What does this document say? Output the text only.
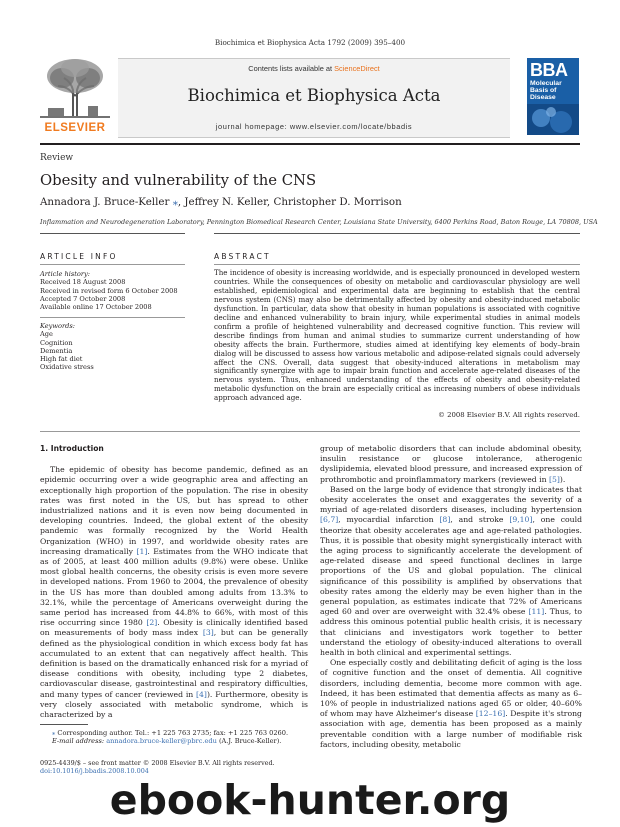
Biochimica et Biophysica Acta 1792 (2009) 395–400
ELSEVIER
Contents lists available at ScienceDirect
Biochimica et Biophysica Acta
journal homepage: www.elsevier.com/locate/bbadis
BBA
Molecular Basis of Disease
Review
Obesity and vulnerability of the CNS
Annadora J. Bruce-Keller ⁎, Jeffrey N. Keller, Christopher D. Morrison
Inflammation and Neurodegeneration Laboratory, Pennington Biomedical Research Center, Louisiana State University, 6400 Perkins Road, Baton Rouge, LA 70808, USA
ARTICLE INFO	ABSTRACT
Article history:
Received 18 August 2008
Received in revised form 6 October 2008
Accepted 7 October 2008
Available online 17 October 2008
Keywords:
Age
Cognition
Dementia
High fat diet
Oxidative stress
The incidence of obesity is increasing worldwide, and is especially pronounced in developed western countries. While the consequences of obesity on metabolic and cardiovascular physiology are well established, epidemiological and experimental data are beginning to establish that the central nervous system (CNS) may also be detrimentally affected by obesity and obesity-induced metabolic dysfunction. In particular, data show that obesity in human populations is associated with cognitive decline and enhanced vulnerability to brain injury, while experimental studies in animal models confirm a profile of heightened vulnerability and decreased cognitive function. This review will describe findings from human and animal studies to summarize current understanding of how obesity affects the brain. Furthermore, studies aimed at identifying key elements of body–brain dialog will be discussed to assess how various metabolic and adipose-related signals could adversely affect the CNS. Overall, data suggest that obesity-induced alterations in metabolism may significantly synergize with age to impair brain function and accelerate age-related diseases of the nervous system. Thus, enhanced understanding of the effects of obesity and obesity-related metabolic dysfunction on the brain are especially critical as increasing numbers of obese individuals approach advanced age.
© 2008 Elsevier B.V. All rights reserved.
1. Introduction

The epidemic of obesity has become pandemic, defined as an epidemic occurring over a wide geographic area and affecting an exceptionally high proportion of the population. The rise in obesity rates was first noted in the US, but has spread to other industrialized nations and it is even now being documented in developing countries. Indeed, the global extent of the obesity pandemic was formally recognized by the World Health Organization (WHO) in 1997, and worldwide obesity rates are increasing dramatically [1]. Estimates from the WHO indicate that as of 2005, at least 400 million adults (9.8%) were obese. Unlike most global health concerns, the obesity crisis is even more severe in developed nations. From 1960 to 2004, the prevalence of obesity in the US has more than doubled among adults from 13.3% to 32.1%, while the percentage of Americans overweight during the same period has increased from 44.8% to 66%, with most of this rise occurring since 1980 [2]. Obesity is clinically identified based on measurements of body mass index [3], but can be generally defined as the physiological condition in which excess body fat has accumulated to an extent that can negatively affect health. This definition is based on the dramatically enhanced risk for a myriad of disease conditions with obesity, including type 2 diabetes, cardiovascular disease, gastrointestinal and respiratory difficulties, and many types of cancer (reviewed in [4]). Furthermore, obesity is very closely associated with metabolic syndrome, which is characterized by a

group of metabolic disorders that can include abdominal obesity, insulin resistance or glucose intolerance, atherogenic dyslipidemia, elevated blood pressure, and increased expression of prothrombotic and proinflammatory markers (reviewed in [5]).

Based on the large body of evidence that strongly indicates that obesity accelerates the onset and exaggerates the severity of a myriad of age-related disorders diseases, including hypertension [6,7], myocardial infarction [8], and stroke [9,10], one could theorize that obesity accelerates age and age-related pathologies. Thus, it is possible that obesity might synergistically interact with the aging process to significantly accelerate the development of age-related disease and speed functional declines in large proportions of the US and global population. The clinical significance of this possibility is amplified by observations that obesity rates among the elderly may be even higher than in the general population, as estimates indicate that 72% of Americans aged 60 and over are overweight with 32.4% obese [11]. Thus, to address this ominous potential public health crisis, it is necessary that clinicians and investigators work together to better understand the etiology of obesity-induced alterations to overall health in both clinical and experimental settings.

One especially costly and debilitating deficit of aging is the loss of cognitive function and the onset of dementia. All cognitive disorders, including dementia, become more common with age. Indeed, it has been estimated that dementia affects as many as 6–10% of people in industrialized nations aged 65 or older, 40–60% of whom may have Alzheimer's disease [12–16]. Despite it's strong association with age, dementia has been proposed as a mainly preventable condition with a large number of modifiable risk factors, including obesity, metabolic

⁎ Corresponding author. Tel.: +1 225 763 2735; fax: +1 225 763 0260.
E-mail address: annadora.bruce-keller@pbrc.edu (A.J. Bruce-Keller).
0925-4439/$ – see front matter © 2008 Elsevier B.V. All rights reserved.
doi:10.1016/j.bbadis.2008.10.004
ebook-hunter.org
